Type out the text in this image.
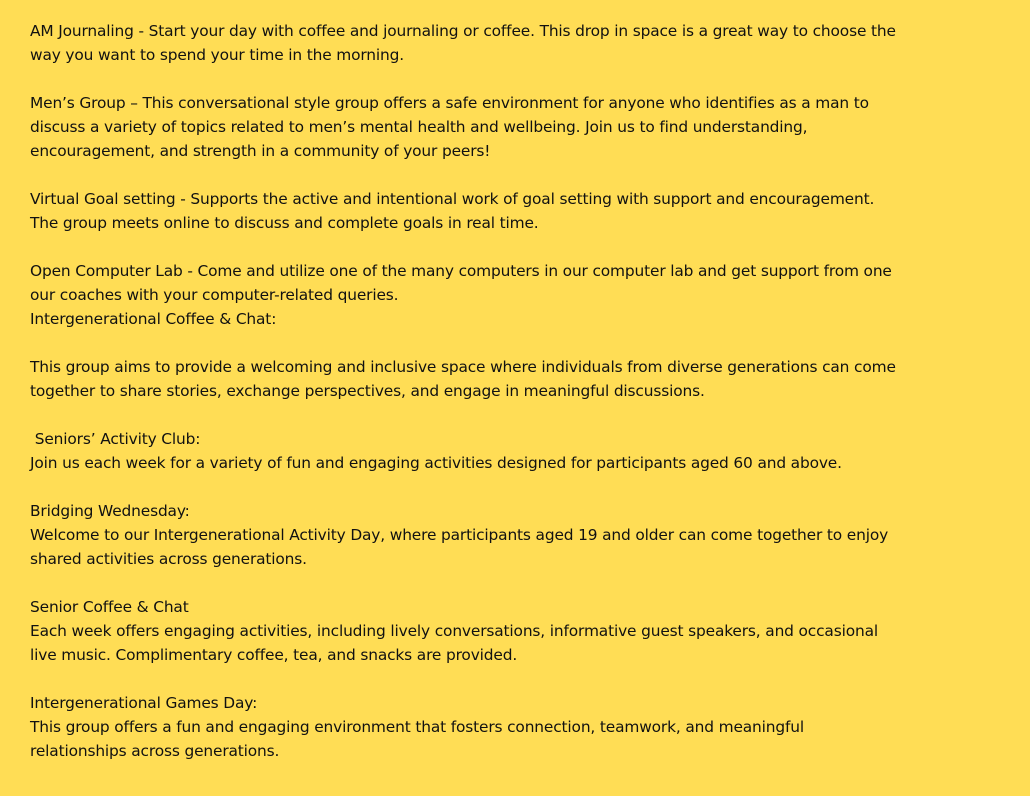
AM Journaling - Start your day with coffee and journaling or coffee. This drop in space is a great way to choose the
way you want to spend your time in the morning.
Men’s Group – This conversational style group offers a safe environment for anyone who identifies as a man to
discuss a variety of topics related to men’s mental health and wellbeing. Join us to find understanding,
encouragement, and strength in a community of your peers!
Virtual Goal setting - Supports the active and intentional work of goal setting with support and encouragement.
The group meets online to discuss and complete goals in real time.
Open Computer Lab - Come and utilize one of the many computers in our computer lab and get support from one
our coaches with your computer-related queries.
Intergenerational Coffee & Chat:
This group aims to provide a welcoming and inclusive space where individuals from diverse generations can come
together to share stories, exchange perspectives, and engage in meaningful discussions.
Seniors’ Activity Club:
Join us each week for a variety of fun and engaging activities designed for participants aged 60 and above.
Bridging Wednesday:
Welcome to our Intergenerational Activity Day, where participants aged 19 and older can come together to enjoy
shared activities across generations.
Senior Coffee & Chat
Each week offers engaging activities, including lively conversations, informative guest speakers, and occasional
live music. Complimentary coffee, tea, and snacks are provided.
Intergenerational Games Day:
This group offers a fun and engaging environment that fosters connection, teamwork, and meaningful
relationships across generations.
